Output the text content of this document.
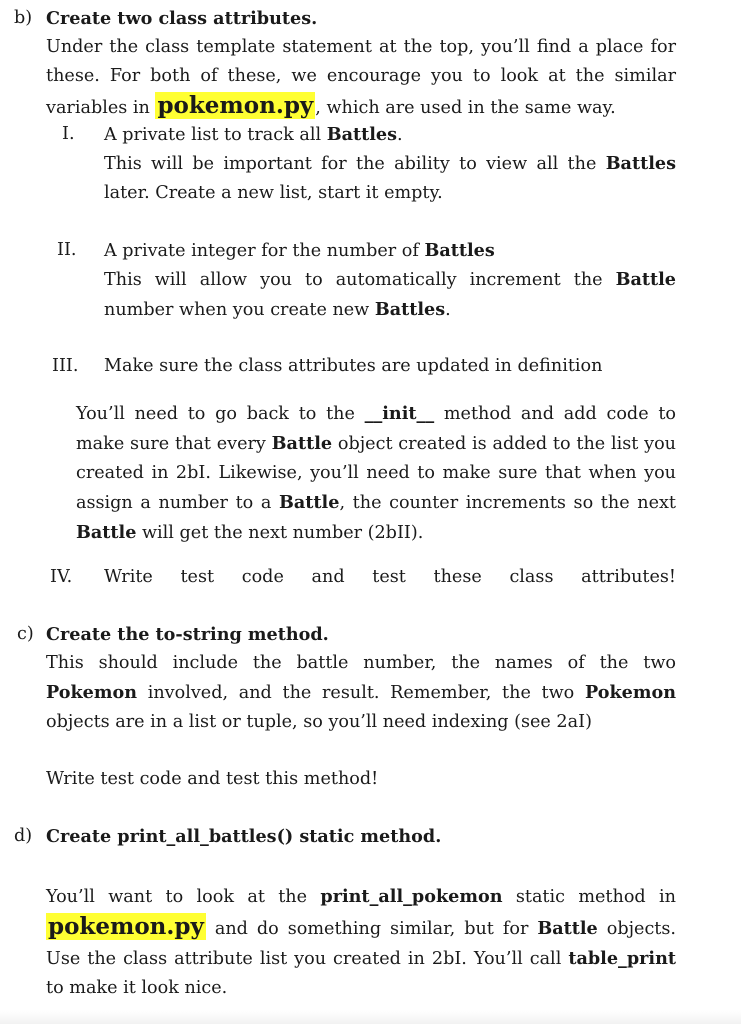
b) Create two class attributes.
Under the class template statement at the top, you’ll find a place for these. For both of these, we encourage you to look at the similar variables in pokemon.py , which are used in the same way.
I. A private list to track all Battles.
This will be important for the ability to view all the Battles later. Create a new list, start it empty.
II. A private integer for the number of Battles
This will allow you to automatically increment the Battle number when you create new Battles.
III. Make sure the class attributes are updated in definition
You’ll need to go back to the __init__ method and add code to make sure that every Battle object created is added to the list you created in 2bI. Likewise, you’ll need to make sure that when you assign a number to a Battle, the counter increments so the next Battle will get the next number (2bII).
IV. Write test code and test these class attributes!
c) Create the to-string method.
This should include the battle number, the names of the two Pokemon involved, and the result. Remember, the two Pokemon objects are in a list or tuple, so you’ll need indexing (see 2aI)
Write test code and test this method!
d) Create print_all_battles() static method.
You’ll want to look at the print_all_pokemon static method in pokemon.py and do something similar, but for Battle objects. Use the class attribute list you created in 2bI. You’ll call table_print to make it look nice.
